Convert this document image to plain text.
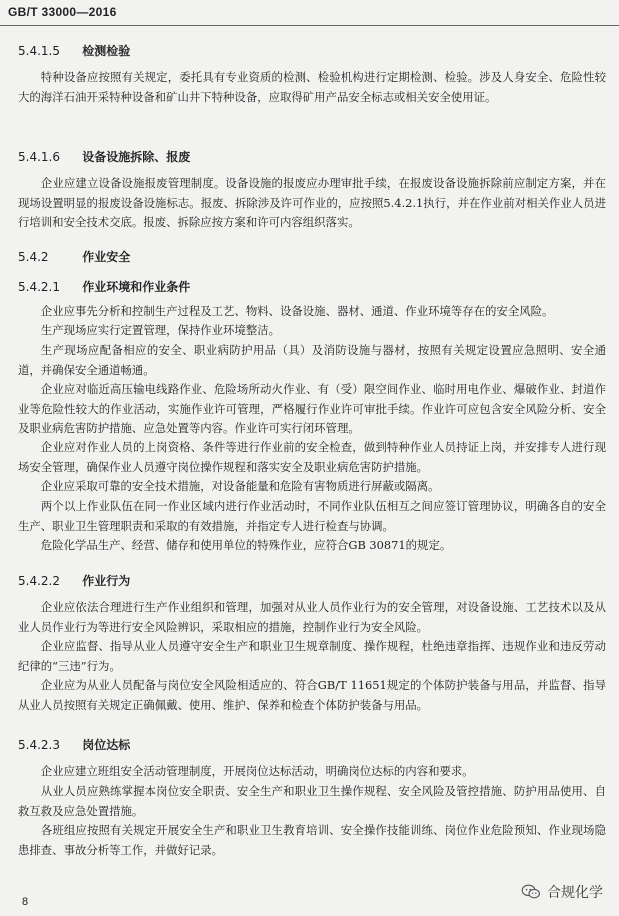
GB/T 33000—2016
5.4.1.5 检测检验
特种设备应按照有关规定，委托具有专业资质的检测、检验机构进行定期检测、检验。涉及人身安全、危险性较大的海洋石油开采特种设备和矿山井下特种设备，应取得矿用产品安全标志或相关安全使用证。
5.4.1.6 设备设施拆除、报废
企业应建立设备设施报废管理制度。设备设施的报废应办理审批手续，在报废设备设施拆除前应制定方案，并在现场设置明显的报废设备设施标志。报废、拆除涉及许可作业的，应按照5.4.2.1执行，并在作业前对相关作业人员进行培训和安全技术交底。报废、拆除应按方案和许可内容组织落实。
5.4.2	作业安全
5.4.2.1 作业环境和作业条件
企业应事先分析和控制生产过程及工艺、物料、设备设施、器材、通道、作业环境等存在的安全风险。
生产现场应实行定置管理，保持作业环境整洁。
生产现场应配备相应的安全、职业病防护用品（具）及消防设施与器材，按照有关规定设置应急照明、安全通道，并确保安全通道畅通。
企业应对临近高压输电线路作业、危险场所动火作业、有（受）限空间作业、临时用电作业、爆破作业、封道作业等危险性较大的作业活动，实施作业许可管理，严格履行作业许可审批手续。作业许可应包含安全风险分析、安全及职业病危害防护措施、应急处置等内容。作业许可实行闭环管理。
企业应对作业人员的上岗资格、条件等进行作业前的安全检查，做到特种作业人员持证上岗，并安排专人进行现场安全管理，确保作业人员遵守岗位操作规程和落实安全及职业病危害防护措施。
企业应采取可靠的安全技术措施，对设备能量和危险有害物质进行屏蔽或隔离。
两个以上作业队伍在同一作业区域内进行作业活动时，不同作业队伍相互之间应签订管理协议，明确各自的安全生产、职业卫生管理职责和采取的有效措施，并指定专人进行检查与协调。
危险化学品生产、经营、储存和使用单位的特殊作业，应符合GB 30871的规定。
5.4.2.2 作业行为
企业应依法合理进行生产作业组织和管理，加强对从业人员作业行为的安全管理，对设备设施、工艺技术以及从业人员作业行为等进行安全风险辨识，采取相应的措施，控制作业行为安全风险。
企业应监督、指导从业人员遵守安全生产和职业卫生规章制度、操作规程，杜绝违章指挥、违规作业和违反劳动纪律的“三违”行为。
企业应为从业人员配备与岗位安全风险相适应的、符合GB/T 11651规定的个体防护装备与用品，并监督、指导从业人员按照有关规定正确佩戴、使用、维护、保养和检查个体防护装备与用品。
5.4.2.3 岗位达标
企业应建立班组安全活动管理制度，开展岗位达标活动，明确岗位达标的内容和要求。
从业人员应熟练掌握本岗位安全职责、安全生产和职业卫生操作规程、安全风险及管控措施、防护用品使用、自救互救及应急处置措施。
各班组应按照有关规定开展安全生产和职业卫生教育培训、安全操作技能训练、岗位作业危险预知、作业现场隐患排查、事故分析等工作，并做好记录。
8
合规化学
